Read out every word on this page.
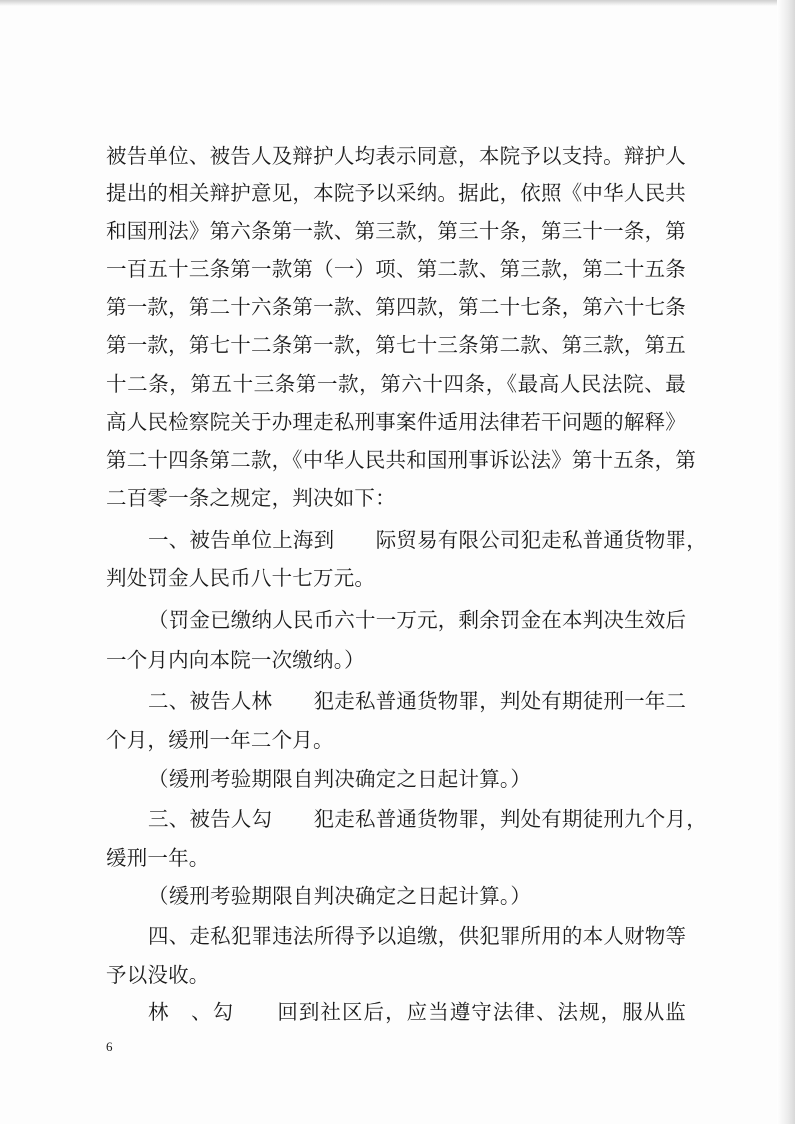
被告单位、被告人及辩护人均表示同意，本院予以支持。辩护人
提出的相关辩护意见，本院予以采纳。据此，依照《中华人民共
和国刑法》第六条第一款、第三款，第三十条，第三十一条，第
一百五十三条第一款第（一）项、第二款、第三款，第二十五条
第一款，第二十六条第一款、第四款，第二十七条，第六十七条
第一款，第七十二条第一款，第七十三条第二款、第三款，第五
十二条，第五十三条第一款，第六十四条，《最高人民法院、最
高人民检察院关于办理走私刑事案件适用法律若干问题的解释》
第二十四条第二款，《中华人民共和国刑事诉讼法》第十五条，第
二百零一条之规定，判决如下：
一、被告单位上海到　　际贸易有限公司犯走私普通货物罪，
判处罚金人民币八十七万元。
（罚金已缴纳人民币六十一万元，剩余罚金在本判决生效后
一个月内向本院一次缴纳。）
二、被告人林　　犯走私普通货物罪，判处有期徒刑一年二
个月，缓刑一年二个月。
（缓刑考验期限自判决确定之日起计算。）
三、被告人勾　　犯走私普通货物罪，判处有期徒刑九个月，
缓刑一年。
（缓刑考验期限自判决确定之日起计算。）
四、走私犯罪违法所得予以追缴，供犯罪所用的本人财物等
予以没收。
林　、勾　　回到社区后，应当遵守法律、法规，服从监
6
